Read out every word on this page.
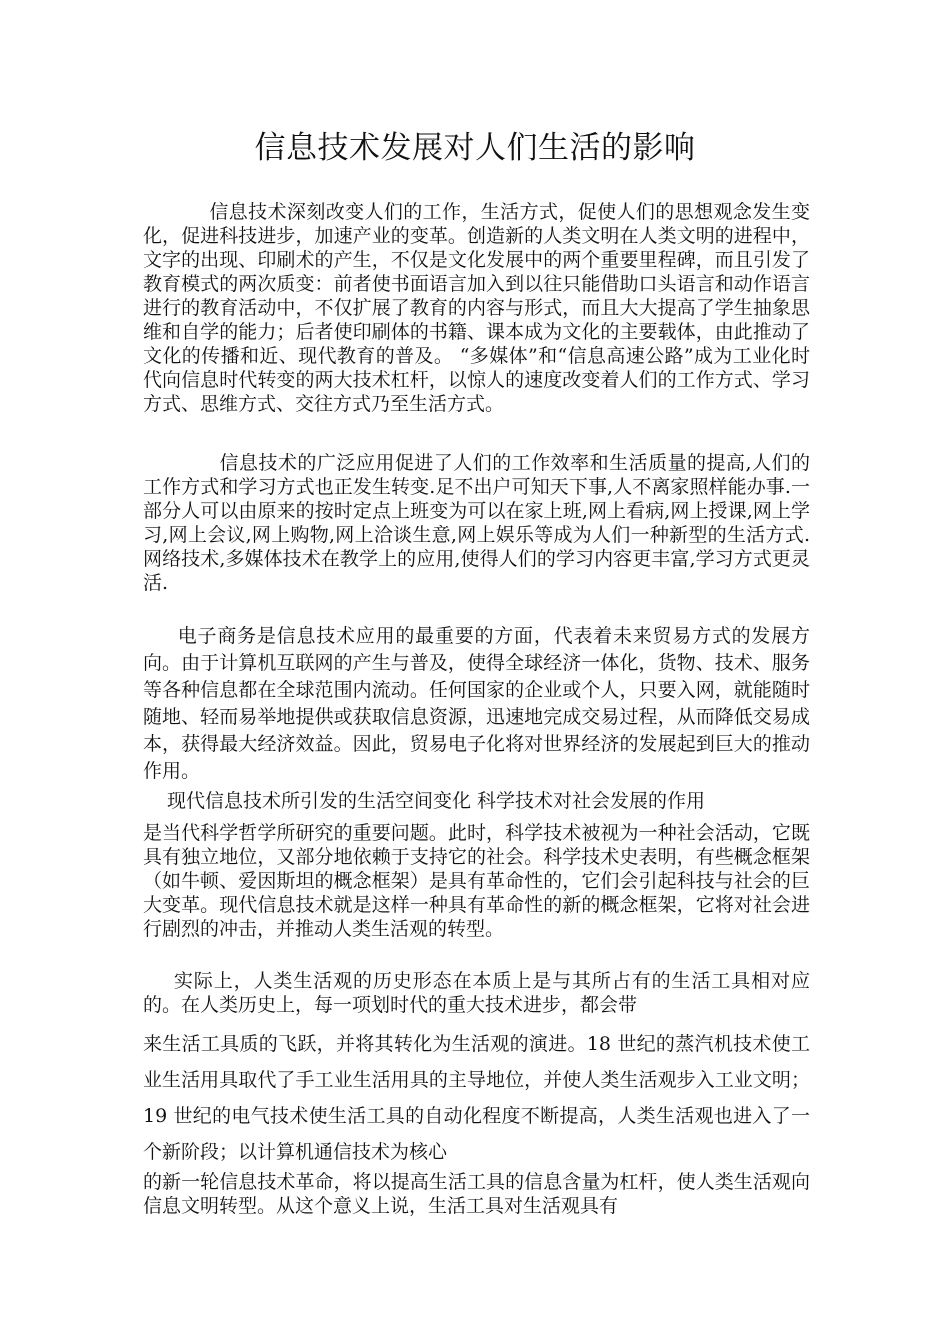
信息技术发展对人们生活的影响

信息技术深刻改变人们的工作，生活方式，促使人们的思想观念发生变化，促进科技进步，加速产业的变革。创造新的人类文明在人类文明的进程中，文字的出现、印刷术的产生，不仅是文化发展中的两个重要里程碑，而且引发了教育模式的两次质变：前者使书面语言加入到以往只能借助口头语言和动作语言进行的教育活动中，不仅扩展了教育的内容与形式，而且大大提高了学生抽象思维和自学的能力；后者使印刷体的书籍、课本成为文化的主要载体，由此推动了文化的传播和近、现代教育的普及。 “多媒体”和“信息高速公路”成为工业化时代向信息时代转变的两大技术杠杆，以惊人的速度改变着人们的工作方式、学习方式、思维方式、交往方式乃至生活方式。

信息技术的广泛应用促进了人们的工作效率和生活质量的提高,人们的工作方式和学习方式也正发生转变.足不出户可知天下事,人不离家照样能办事.一部分人可以由原来的按时定点上班变为可以在家上班,网上看病,网上授课,网上学习,网上会议,网上购物,网上洽谈生意,网上娱乐等成为人们一种新型的生活方式.网络技术,多媒体技术在教学上的应用,使得人们的学习内容更丰富,学习方式更灵活.

电子商务是信息技术应用的最重要的方面，代表着未来贸易方式的发展方向。由于计算机互联网的产生与普及，使得全球经济一体化，货物、技术、服务等各种信息都在全球范围内流动。任何国家的企业或个人，只要入网，就能随时随地、轻而易举地提供或获取信息资源，迅速地完成交易过程，从而降低交易成本，获得最大经济效益。因此，贸易电子化将对世界经济的发展起到巨大的推动作用。

现代信息技术所引发的生活空间变化 科学技术对社会发展的作用

是当代科学哲学所研究的重要问题。此时，科学技术被视为一种社会活动，它既具有独立地位，又部分地依赖于支持它的社会。科学技术史表明，有些概念框架（如牛顿、爱因斯坦的概念框架）是具有革命性的，它们会引起科技与社会的巨大变革。现代信息技术就是这样一种具有革命性的新的概念框架，它将对社会进行剧烈的冲击，并推动人类生活观的转型。

实际上，人类生活观的历史形态在本质上是与其所占有的生活工具相对应的。在人类历史上，每一项划时代的重大技术进步，都会带
来生活工具质的飞跃，并将其转化为生活观的演进。18 世纪的蒸汽机技术使工业生活用具取代了手工业生活用具的主导地位，并使人类生活观步入工业文明；19 世纪的电气技术使生活工具的自动化程度不断提高，人类生活观也进入了一个新阶段；以计算机通信技术为核心
的新一轮信息技术革命，将以提高生活工具的信息含量为杠杆，使人类生活观向信息文明转型。从这个意义上说，生活工具对生活观具有
